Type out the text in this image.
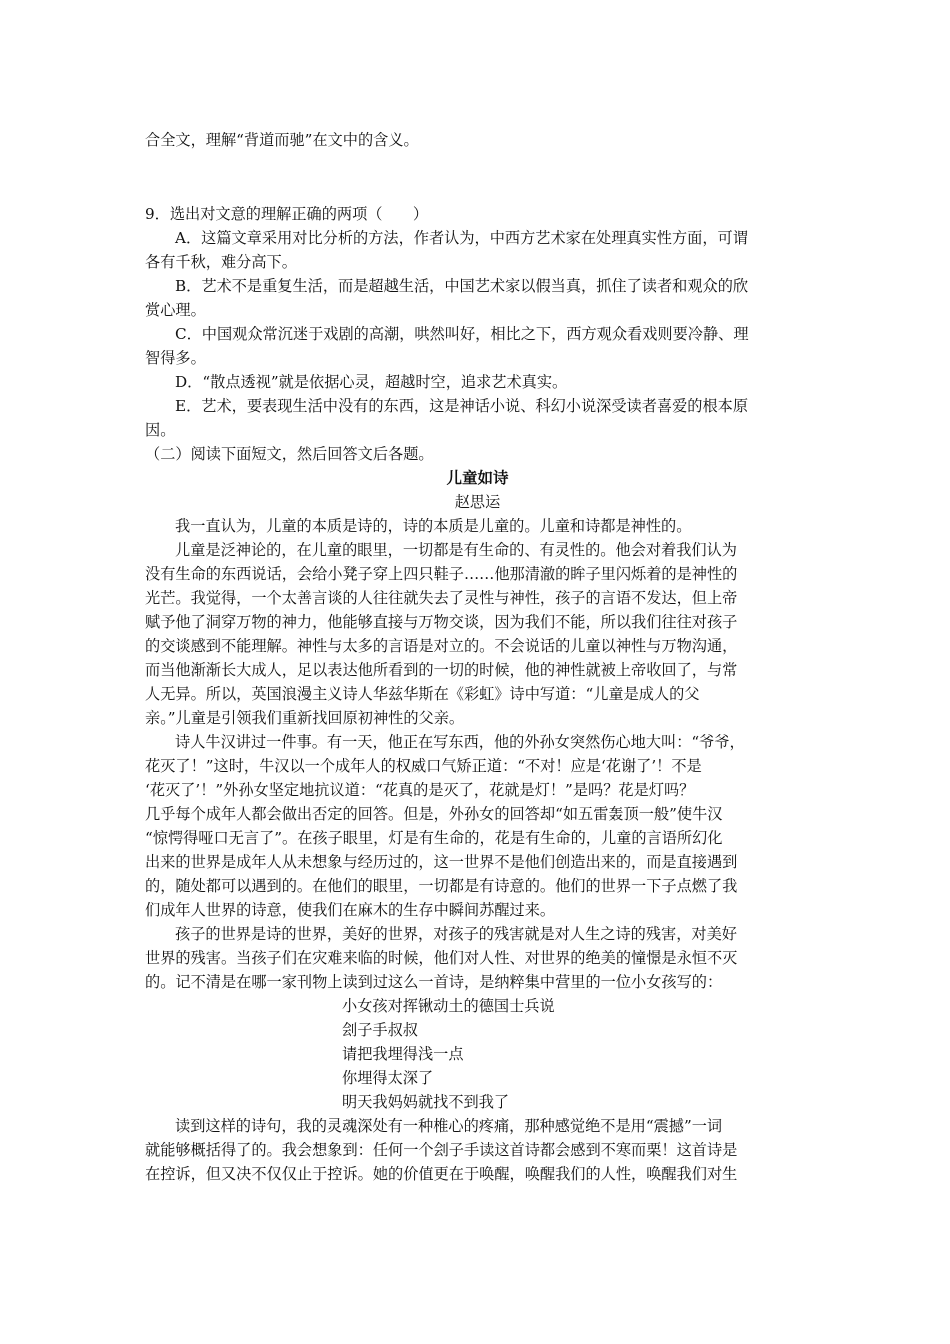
合全文，理解“背道而驰”在文中的含义。

9．选出对文意的理解正确的两项（　　）

A．这篇文章采用对比分析的方法，作者认为，中西方艺术家在处理真实性方面，可谓

各有千秋，难分高下。

B．艺术不是重复生活，而是超越生活，中国艺术家以假当真，抓住了读者和观众的欣

赏心理。

C．中国观众常沉迷于戏剧的高潮，哄然叫好，相比之下，西方观众看戏则要冷静、理

智得多。

D．“散点透视”就是依据心灵，超越时空，追求艺术真实。

E．艺术，要表现生活中没有的东西，这是神话小说、科幻小说深受读者喜爱的根本原

因。

（二）阅读下面短文，然后回答文后各题。

儿童如诗

赵思运

我一直认为，儿童的本质是诗的，诗的本质是儿童的。儿童和诗都是神性的。

儿童是泛神论的，在儿童的眼里，一切都是有生命的、有灵性的。他会对着我们认为

没有生命的东西说话，会给小凳子穿上四只鞋子……他那清澈的眸子里闪烁着的是神性的

光芒。我觉得，一个太善言谈的人往往就失去了灵性与神性，孩子的言语不发达，但上帝

赋予他了洞穿万物的神力，他能够直接与万物交谈，因为我们不能，所以我们往往对孩子

的交谈感到不能理解。神性与太多的言语是对立的。不会说话的儿童以神性与万物沟通，

而当他渐渐长大成人，足以表达他所看到的一切的时候，他的神性就被上帝收回了，与常

人无异。所以，英国浪漫主义诗人华兹华斯在《彩虹》诗中写道：“儿童是成人的父

亲。”儿童是引领我们重新找回原初神性的父亲。

诗人牛汉讲过一件事。有一天，他正在写东西，他的外孙女突然伤心地大叫：“爷爷，

花灭了！”这时，牛汉以一个成年人的权威口气矫正道：“不对！应是‘花谢了’！不是

‘花灭了’！”外孙女坚定地抗议道：“花真的是灭了，花就是灯！”是吗？花是灯吗？

几乎每个成年人都会做出否定的回答。但是，外孙女的回答却“如五雷轰顶一般”使牛汉

“惊愕得哑口无言了”。在孩子眼里，灯是有生命的，花是有生命的，儿童的言语所幻化

出来的世界是成年人从未想象与经历过的，这一世界不是他们创造出来的，而是直接遇到

的，随处都可以遇到的。在他们的眼里，一切都是有诗意的。他们的世界一下子点燃了我

们成年人世界的诗意，使我们在麻木的生存中瞬间苏醒过来。

孩子的世界是诗的世界，美好的世界，对孩子的残害就是对人生之诗的残害，对美好

世界的残害。当孩子们在灾难来临的时候，他们对人性、对世界的绝美的憧憬是永恒不灭

的。记不清是在哪一家刊物上读到过这么一首诗，是纳粹集中营里的一位小女孩写的：

小女孩对挥锹动土的德国士兵说

刽子手叔叔

请把我埋得浅一点

你埋得太深了

明天我妈妈就找不到我了

读到这样的诗句，我的灵魂深处有一种椎心的疼痛，那种感觉绝不是用“震撼”一词

就能够概括得了的。我会想象到：任何一个刽子手读这首诗都会感到不寒而栗！这首诗是

在控诉，但又决不仅仅止于控诉。她的价值更在于唤醒，唤醒我们的人性，唤醒我们对生
